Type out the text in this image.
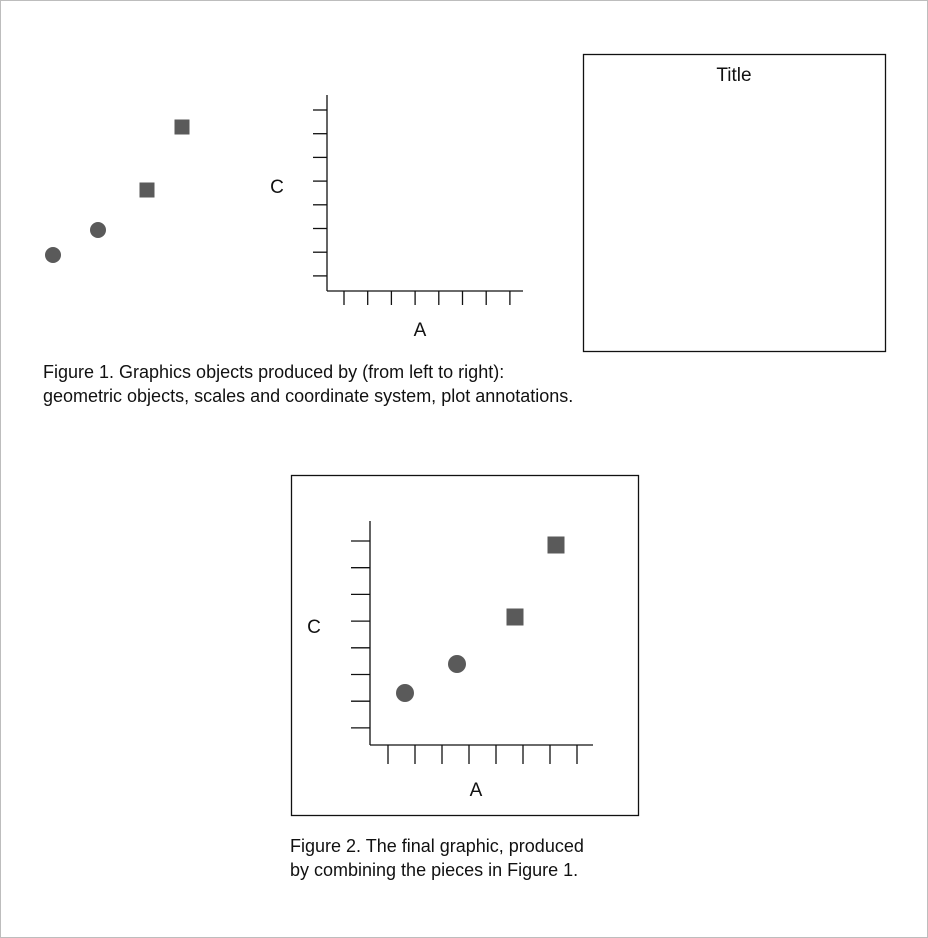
C
A
Title
C
A

Figure 1. Graphics objects produced by (from left to right):
geometric objects, scales and coordinate system, plot annotations.

Figure 2. The final graphic, produced
by combining the pieces in Figure 1.
